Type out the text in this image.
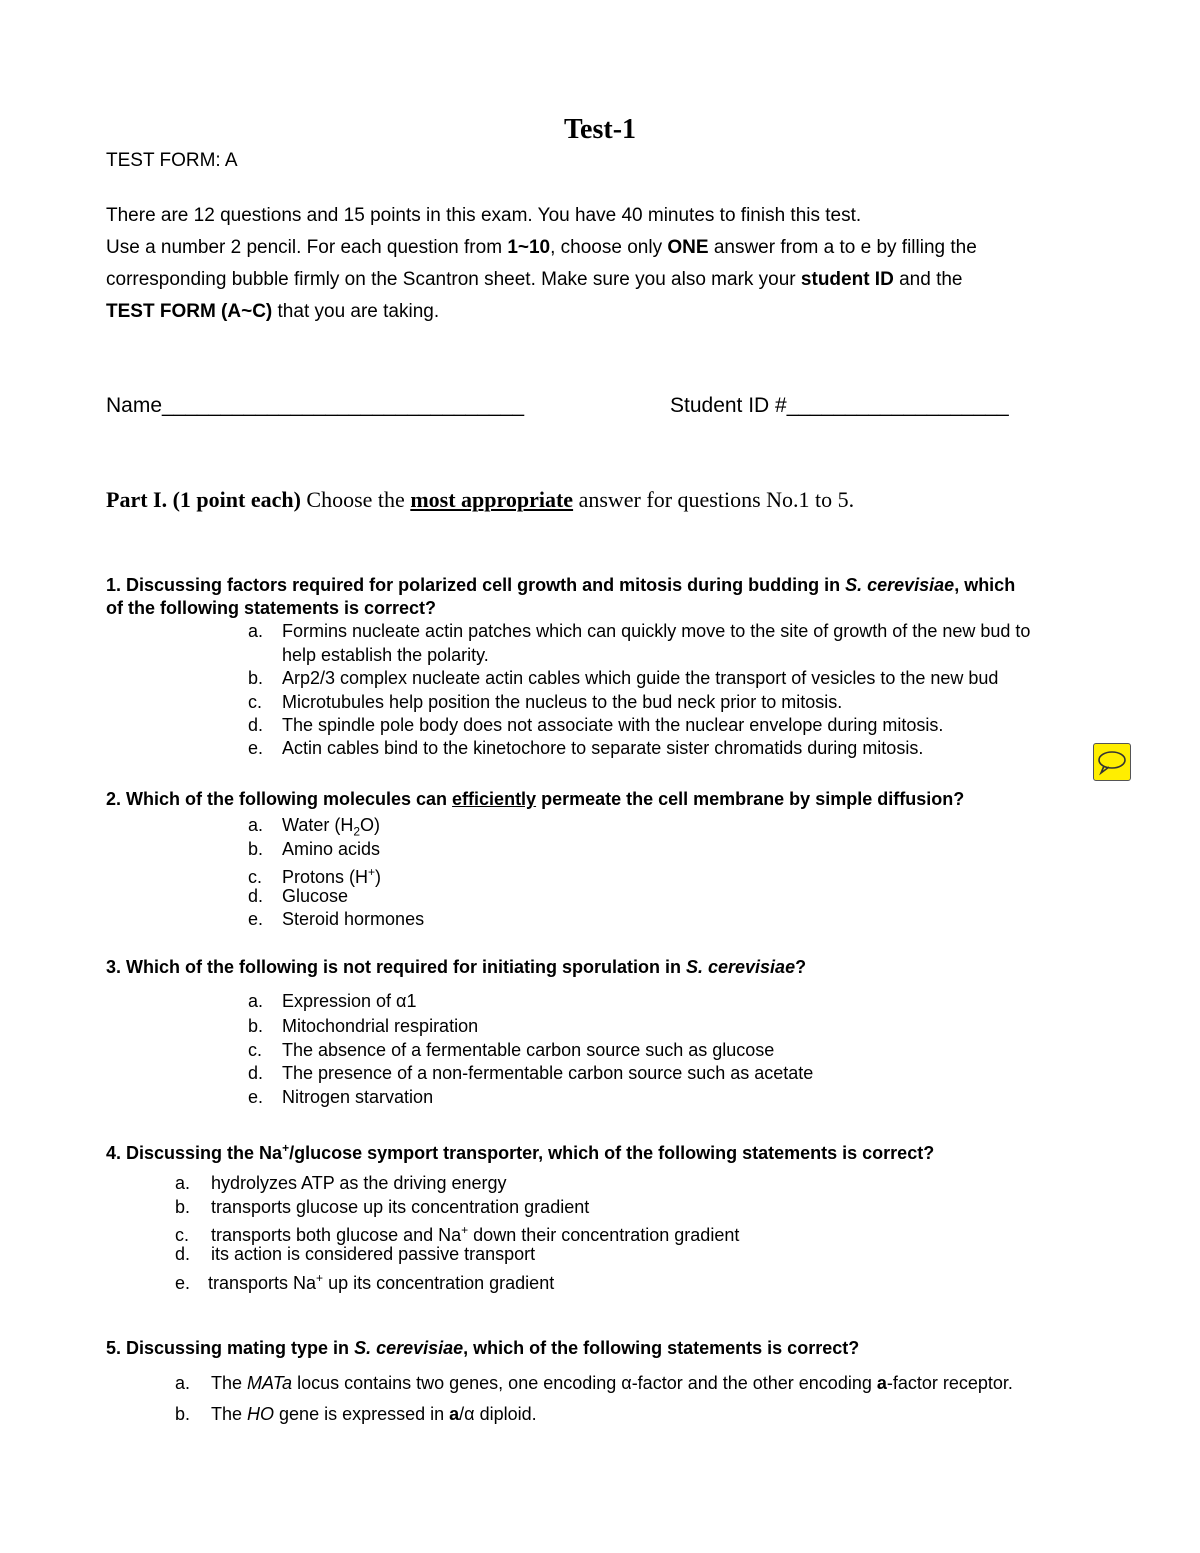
Test-1
TEST FORM: A
There are 12 questions and 15 points in this exam. You have 40 minutes to finish this test.
Use a number 2 pencil. For each question from 1~10, choose only ONE answer from a to e by filling the
corresponding bubble firmly on the Scantron sheet. Make sure you also mark your student ID and the
TEST FORM (A~C) that you are taking.
Name_______________________________	Student ID #___________________
Part I. (1 point each) Choose the most appropriate answer for questions No.1 to 5.
1. Discussing factors required for polarized cell growth and mitosis during budding in S. cerevisiae, which
of the following statements is correct?
a. Formins nucleate actin patches which can quickly move to the site of growth of the new bud to
help establish the polarity.
b. Arp2/3 complex nucleate actin cables which guide the transport of vesicles to the new bud
c. Microtubules help position the nucleus to the bud neck prior to mitosis.
d. The spindle pole body does not associate with the nuclear envelope during mitosis.
e. Actin cables bind to the kinetochore to separate sister chromatids during mitosis.
2. Which of the following molecules can efficiently permeate the cell membrane by simple diffusion?
a. Water $(H_2O)$
b. Amino acids
c. Protons (H+)
d. Glucose
e. Steroid hormones
3. Which of the following is not required for initiating sporulation in S. cerevisiae?
a. Expression of α1
b. Mitochondrial respiration
c. The absence of a fermentable carbon source such as glucose
d. The presence of a non-fermentable carbon source such as acetate
e. Nitrogen starvation
4. Discussing the Na+/glucose symport transporter, which of the following statements is correct?
a. hydrolyzes ATP as the driving energy
b. transports glucose up its concentration gradient
c. transports both glucose and Na+ down their concentration gradient
d. its action is considered passive transport
e. transports Na+ up its concentration gradient
5. Discussing mating type in S. cerevisiae, which of the following statements is correct?
a. The MATa locus contains two genes, one encoding α-factor and the other encoding a-factor receptor.
b. The HO gene is expressed in a/α diploid.
